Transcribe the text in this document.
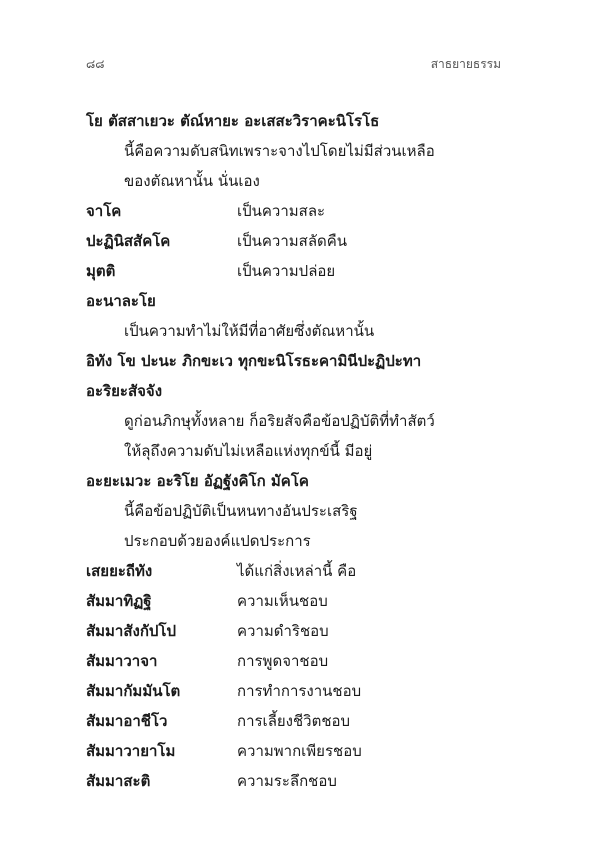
๘๘	สาธยายธรรม
โย ตัสสาเยวะ ตัณ์หายะ อะเสสะวิราคะนิโรโธ
นี้คือความดับสนิทเพราะจางไปโดยไม่มีส่วนเหลือ
ของตัณหานั้น นั่นเอง
จาโค	เป็นความสละ
ปะฏินิสสัคโค	เป็นความสลัดคืน
มุตติ	เป็นความปล่อย
อะนาละโย
เป็นความทำไม่ให้มีที่อาศัยซึ่งตัณหานั้น
อิทัง โข ปะนะ ภิกขะเว ทุกขะนิโรธะคามินีปะฏิปะทา
อะริยะสัจจัง
ดูก่อนภิกษุทั้งหลาย ก็อริยสัจคือข้อปฏิบัติที่ทำสัตว์
ให้ลุถึงความดับไม่เหลือแห่งทุกข์นี้ มีอยู่
อะยะเมวะ อะริโย อัฏฐังคิโก มัคโค
นี้คือข้อปฏิบัติเป็นหนทางอันประเสริฐ
ประกอบด้วยองค์แปดประการ
เสยยะถีทัง	ได้แก่สิ่งเหล่านี้ คือ
สัมมาทิฏฐิ	ความเห็นชอบ
สัมมาสังกัปโป	ความดำริชอบ
สัมมาวาจา	การพูดจาชอบ
สัมมากัมมันโต	การทำการงานชอบ
สัมมาอาชีโว	การเลี้ยงชีวิตชอบ
สัมมาวายาโม	ความพากเพียรชอบ
สัมมาสะติ	ความระลึกชอบ
